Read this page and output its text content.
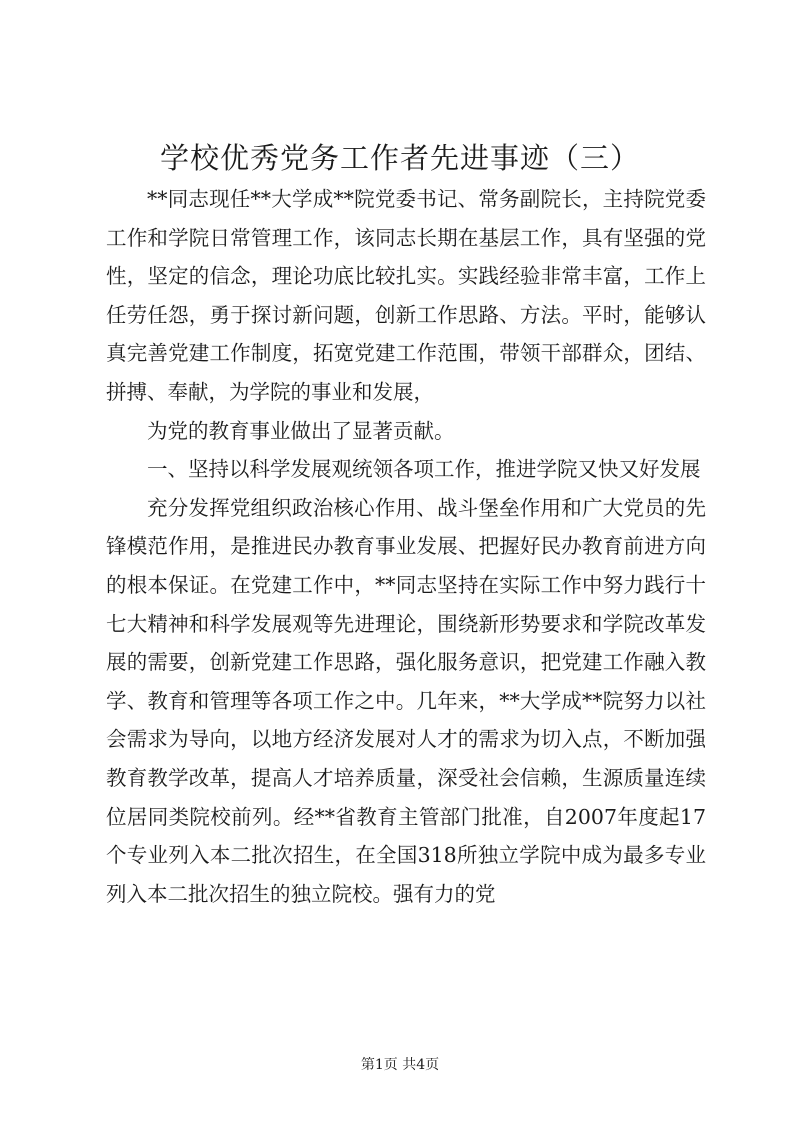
学校优秀党务工作者先进事迹（三）

**同志现任**大学成**院党委书记、常务副院长，主持院党委工作和学院日常管理工作，该同志长期在基层工作，具有坚强的党性，坚定的信念，理论功底比较扎实。实践经验非常丰富，工作上任劳任怨，勇于探讨新问题，创新工作思路、方法。平时，能够认真完善党建工作制度，拓宽党建工作范围，带领干部群众，团结、拼搏、奉献，为学院的事业和发展，

为党的教育事业做出了显著贡献。

一、坚持以科学发展观统领各项工作，推进学院又快又好发展

充分发挥党组织政治核心作用、战斗堡垒作用和广大党员的先锋模范作用，是推进民办教育事业发展、把握好民办教育前进方向的根本保证。在党建工作中，**同志坚持在实际工作中努力践行十七大精神和科学发展观等先进理论，围绕新形势要求和学院改革发展的需要，创新党建工作思路，强化服务意识，把党建工作融入教学、教育和管理等各项工作之中。几年来，**大学成**院努力以社会需求为导向，以地方经济发展对人才的需求为切入点，不断加强教育教学改革，提高人才培养质量，深受社会信赖，生源质量连续位居同类院校前列。经**省教育主管部门批准，自2007年度起17个专业列入本二批次招生，在全国318所独立学院中成为最多专业列入本二批次招生的独立院校。强有力的党

第1页 共4页
